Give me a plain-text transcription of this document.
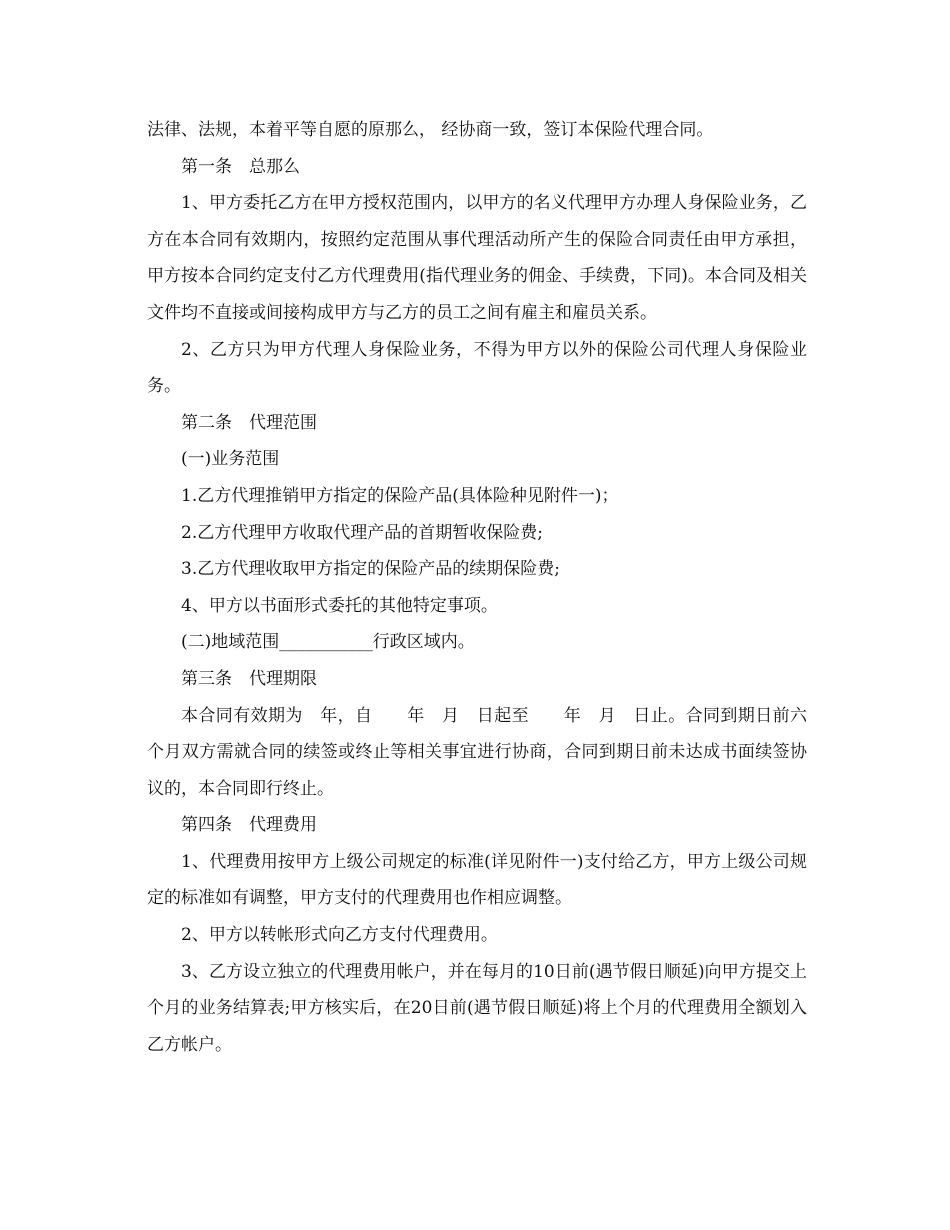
法律、法规，本着平等自愿的原那么， 经协商一致，签订本保险代理合同。

第一条　总那么

1、甲方委托乙方在甲方授权范围内，以甲方的名义代理甲方办理人身保险业务，乙方在本合同有效期内，按照约定范围从事代理活动所产生的保险合同责任由甲方承担，甲方按本合同约定支付乙方代理费用(指代理业务的佣金、手续费，下同)。本合同及相关文件均不直接或间接构成甲方与乙方的员工之间有雇主和雇员关系。

2、乙方只为甲方代理人身保险业务，不得为甲方以外的保险公司代理人身保险业务。

第二条　代理范围

(一)业务范围

1.乙方代理推销甲方指定的保险产品(具体险种见附件一)；

2.乙方代理甲方收取代理产品的首期暂收保险费;

3.乙方代理收取甲方指定的保险产品的续期保险费;

4、甲方以书面形式委托的其他特定事项。

(二)地域范围___________行政区域内。

第三条　代理期限

本合同有效期为　年，自　　年　月　日起至　　年　月　日止。合同到期日前六个月双方需就合同的续签或终止等相关事宜进行协商，合同到期日前未达成书面续签协议的，本合同即行终止。

第四条　代理费用

1、代理费用按甲方上级公司规定的标准(详见附件一)支付给乙方，甲方上级公司规定的标准如有调整，甲方支付的代理费用也作相应调整。

2、甲方以转帐形式向乙方支付代理费用。

3、乙方设立独立的代理费用帐户，并在每月的10日前(遇节假日顺延)向甲方提交上个月的业务结算表;甲方核实后，在20日前(遇节假日顺延)将上个月的代理费用全额划入乙方帐户。
